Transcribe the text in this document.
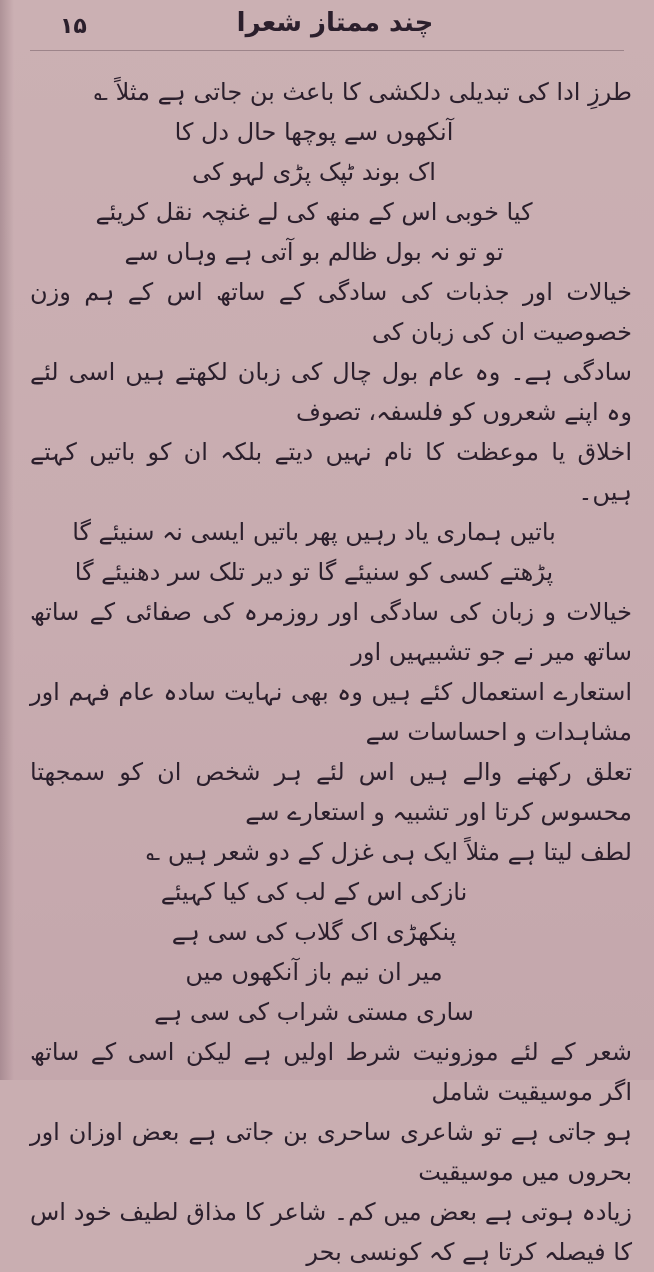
۱۵	چند ممتاز شعرا

طرزِ ادا کی تبدیلی دلکشی کا باعث بن جاتی ہے مثلاً ؎

آنکھوں سے پوچھا حال دل کا

اک بوند ٹپک پڑی لہو کی

کیا خوبی اس کے منھ کی لے غنچہ نقل کریئے

تو تو نہ بول ظالم بو آتی ہے وہاں سے

خیالات اور جذبات کی سادگی کے ساتھ اس کے ہم وزن خصوصیت ان کی زبان کی

سادگی ہے۔ وہ عام بول چال کی زبان لکھتے ہیں اسی لئے وہ اپنے شعروں کو فلسفہ، تصوف

اخلاق یا موعظت کا نام نہیں دیتے بلکہ ان کو باتیں کہتے ہیں۔

باتیں ہماری یاد رہیں پھر باتیں ایسی نہ سنیئے گا

پڑھتے کسی کو سنیئے گا تو دیر تلک سر دھنیئے گا

خیالات و زبان کی سادگی اور روزمرہ کی صفائی کے ساتھ ساتھ میر نے جو تشبیہیں اور

استعارے استعمال کئے ہیں وہ بھی نہایت سادہ عام فہم اور مشاہدات و احساسات سے

تعلق رکھنے والے ہیں اس لئے ہر شخص ان کو سمجھتا محسوس کرتا اور تشبیہ و استعارے سے

لطف لیتا ہے مثلاً ایک ہی غزل کے دو شعر ہیں ؎

نازکی اس کے لب کی کیا کہیئے

پنکھڑی اک گلاب کی سی ہے

میر ان نیم باز آنکھوں میں

ساری مستی شراب کی سی ہے

شعر کے لئے موزونیت شرط اولیں ہے لیکن اسی کے ساتھ اگر موسیقیت شامل

ہو جاتی ہے تو شاعری ساحری بن جاتی ہے بعض اوزان اور بحروں میں موسیقیت

زیادہ ہوتی ہے بعض میں کم۔ شاعر کا مذاق لطیف خود اس کا فیصلہ کرتا ہے کہ کونسی بحر
